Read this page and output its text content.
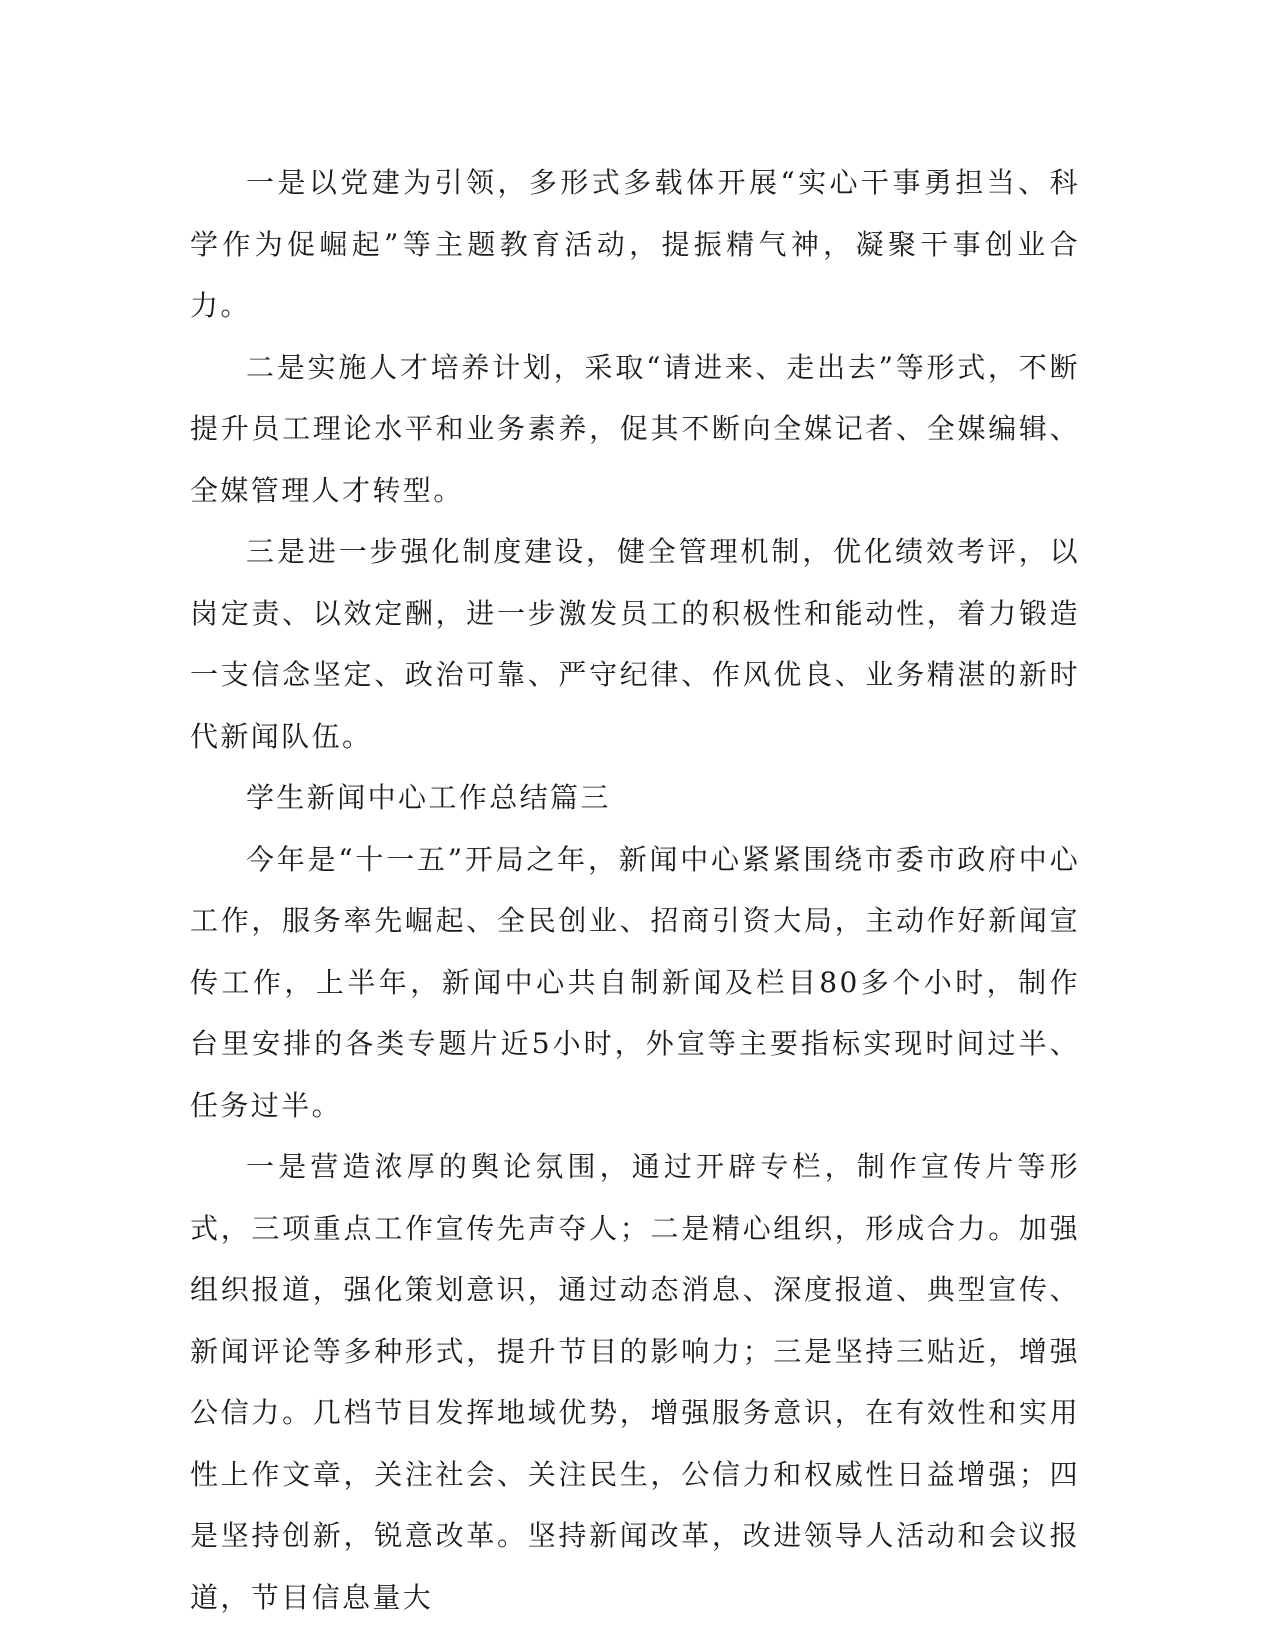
一是以党建为引领，多形式多载体开展“实心干事勇担当、科学作为促崛起”等主题教育活动，提振精气神，凝聚干事创业合力。

二是实施人才培养计划，采取“请进来、走出去”等形式，不断提升员工理论水平和业务素养，促其不断向全媒记者、全媒编辑、全媒管理人才转型。

三是进一步强化制度建设，健全管理机制，优化绩效考评，以岗定责、以效定酬，进一步激发员工的积极性和能动性，着力锻造一支信念坚定、政治可靠、严守纪律、作风优良、业务精湛的新时代新闻队伍。

学生新闻中心工作总结篇三

今年是“十一五”开局之年，新闻中心紧紧围绕市委市政府中心工作，服务率先崛起、全民创业、招商引资大局，主动作好新闻宣传工作，上半年，新闻中心共自制新闻及栏目80多个小时，制作台里安排的各类专题片近5小时，外宣等主要指标实现时间过半、任务过半。

一是营造浓厚的舆论氛围，通过开辟专栏，制作宣传片等形式，三项重点工作宣传先声夺人；二是精心组织，形成合力。加强组织报道，强化策划意识，通过动态消息、深度报道、典型宣传、新闻评论等多种形式，提升节目的影响力；三是坚持三贴近，增强公信力。几档节目发挥地域优势，增强服务意识，在有效性和实用性上作文章，关注社会、关注民生，公信力和权威性日益增强；四是坚持创新，锐意改革。坚持新闻改革，改进领导人活动和会议报道，节目信息量大
